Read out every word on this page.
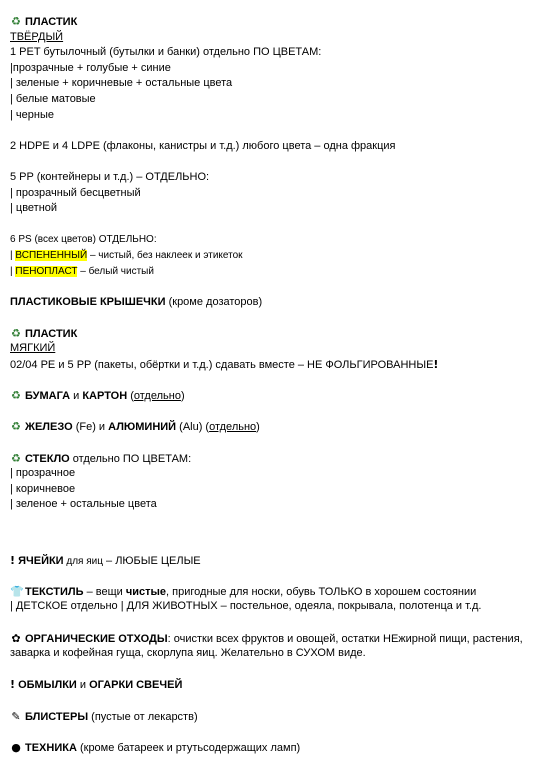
♻ ПЛАСТИК
ТВЁРДЫЙ
1 PET бутылочный (бутылки и банки) отдельно ПО ЦВЕТАМ:
|прозрачные + голубые + синие
| зеленые + коричневые + остальные цвета
| белые матовые
| черные
2 HDPE и 4 LDPE (флаконы, канистры и т.д.) любого цвета – одна фракция
5 PP (контейнеры и т.д.) – ОТДЕЛЬНО:
| прозрачный бесцветный
| цветной
6 PS (всех цветов) ОТДЕЛЬНО:
| ВСПЕНЕННЫЙ – чистый, без наклеек и этикеток
| ПЕНОПЛАСТ – белый чистый
ПЛАСТИКОВЫЕ КРЫШЕЧКИ (кроме дозаторов)
♻ ПЛАСТИК
МЯГКИЙ
02/04 PE и 5 PP (пакеты, обёртки и т.д.) сдавать вместе – НЕ ФОЛЬГИРОВАННЫЕ!
♻ БУМАГА и КАРТОН (отдельно)
♻ ЖЕЛЕЗО (Fe) и АЛЮМИНИЙ (Alu) (отдельно)
♻ СТЕКЛО отдельно ПО ЦВЕТАМ:
| прозрачное
| коричневое
| зеленое + остальные цвета
! ЯЧЕЙКИ для яиц – ЛЮБЫЕ ЦЕЛЫЕ
👕ТЕКСТИЛЬ – вещи чистые, пригодные для носки, обувь ТОЛЬКО в хорошем состоянии
| ДЕТСКОЕ отдельно | ДЛЯ ЖИВОТНЫХ – постельное, одеяла, покрывала, полотенца и т.д.
✿ ОРГАНИЧЕСКИЕ ОТХОДЫ: очистки всех фруктов и овощей, остатки НЕжирной пищи, растения,
заварка и кофейная гуща, скорлупа яиц. Желательно в СУХОМ виде.
! ОБМЫЛКИ и ОГАРКИ СВЕЧЕЙ
✎ БЛИСТЕРЫ (пустые от лекарств)
● ТЕХНИКА (кроме батареек и ртутьсодержащих ламп)
